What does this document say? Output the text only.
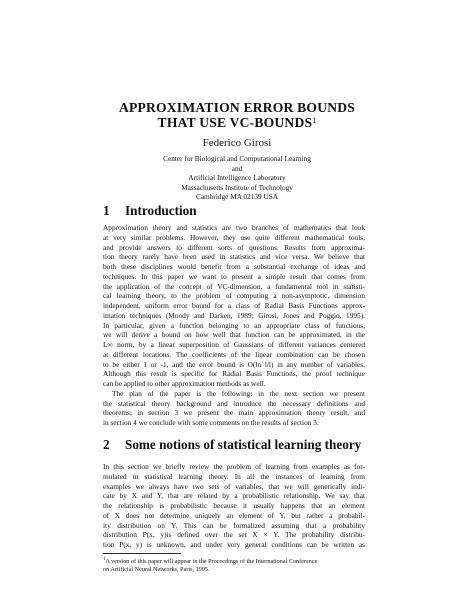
APPROXIMATION ERROR BOUNDS
THAT USE VC-BOUNDS$^1$
Federico Girosi
Center for Biological and Computational Learning
and
Artificial Intelligence Laboratory
Massachusetts Institute of Technology
Cambridge MA 02139 USA
1 Introduction
Approximation theory and statistics are two branches of mathematics that look
at very similar problems. However, they use quite different mathematical tools,
and provide answers to different sorts of questions. Results from approxima-
tion theory rarely have been used in statistics and vice versa. We believe that
both these disciplines would benefit from a substantial exchange of ideas and
techniques. In this paper we want to present a simple result that comes from
the application of the concept of VC-dimension, a fundamental tool in statisti-
cal learning theory, to the problem of computing a non-asymptotic, dimension
independent, uniform error bound for a class of Radial Basis Functions approx-
imation techniques (Moody and Darken, 1989; Girosi, Jones and Poggio, 1995).
In particular, given a function belonging to an appropriate class of functions,
we will derive a bound on how well that function can be approximated, in the
L∞ norm, by a linear superposition of Gaussians of different variances centered
at different locations. The coefficients of the linear combination can be chosen
to be either 1 or -1, and the error bound is O(ln l/l) in any number of variables.
Although this result is specific for Radial Basis Functions, the proof technique
can be applied to other approximation methods as well.
The plan of the paper is the following: in the next section we present
the statistical theory background and introduce the necessary definitions and
theorems; in section 3 we present the main approximation theory result, and
in section 4 we conclude with some comments on the results of section 3.
2 Some notions of statistical learning theory
In this section we briefly review the problem of learning from examples as for-
mulated in statistical learning theory. In all the instances of learning from
examples we always have two sets of variables, that we will generically indi-
cate by X and Y, that are related by a probabilistic relationship. We say that
the relationship is probabilistic because it usually happens that an element
of X does not determine uniquely an element of Y, but rather a probabil-
ity distribution on Y. This can be formalized assuming that a probability
distribution P(x, y)is defined over the set X × Y. The probability distribu-
tion P(x, y) is unknown, and under very general conditions can be written as
$^1$A version of this paper will appear in the Proceedings of the International Conference
on Artificial Neural Networks, Paris, 1995.
